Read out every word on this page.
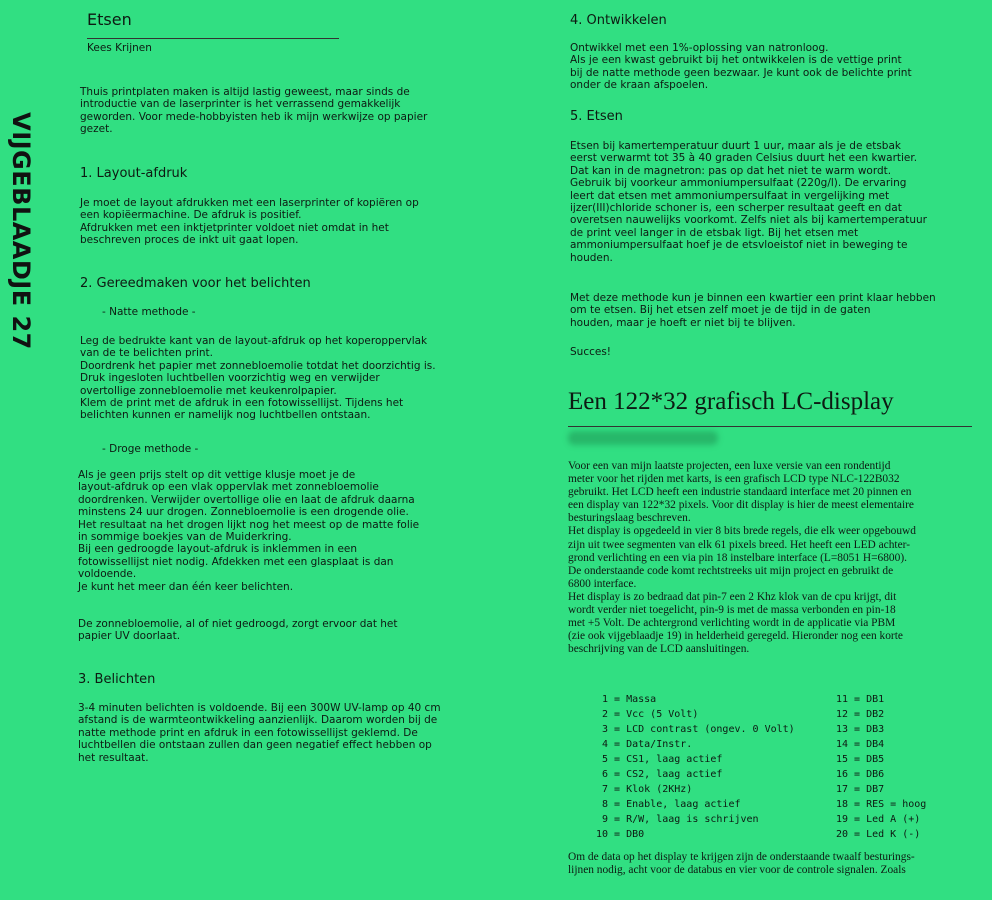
VIJGEBLAADJE 27
Etsen
Kees Krijnen

Thuis printplaten maken is altijd lastig geweest, maar sinds de
introductie van de laserprinter is het verrassend gemakkelijk
geworden. Voor mede-hobbyisten heb ik mijn werkwijze op papier
gezet.

1. Layout-afdruk

Je moet de layout afdrukken met een laserprinter of kopiëren op
een kopiëermachine. De afdruk is positief.
Afdrukken met een inktjetprinter voldoet niet omdat in het
beschreven proces de inkt uit gaat lopen.

2. Gereedmaken voor het belichten
- Natte methode -

Leg de bedrukte kant van de layout-afdruk op het koperoppervlak
van de te belichten print.
Doordrenk het papier met zonnebloemolie totdat het doorzichtig is.
Druk ingesloten luchtbellen voorzichtig weg en verwijder
overtollige zonnebloemolie met keukenrolpapier.
Klem de print met de afdruk in een fotowissellijst. Tijdens het
belichten kunnen er namelijk nog luchtbellen ontstaan.

- Droge methode -

Als je geen prijs stelt op dit vettige klusje moet je de
layout-afdruk op een vlak oppervlak met zonnebloemolie
doordrenken. Verwijder overtollige olie en laat de afdruk daarna
minstens 24 uur drogen. Zonnebloemolie is een drogende olie.
Het resultaat na het drogen lijkt nog het meest op de matte folie
in sommige boekjes van de Muiderkring.
Bij een gedroogde layout-afdruk is inklemmen in een
fotowissellijst niet nodig. Afdekken met een glasplaat is dan
voldoende.
Je kunt het meer dan één keer belichten.

De zonnebloemolie, al of niet gedroogd, zorgt ervoor dat het
papier UV doorlaat.

3. Belichten

3-4 minuten belichten is voldoende. Bij een 300W UV-lamp op 40 cm
afstand is de warmteontwikkeling aanzienlijk. Daarom worden bij de
natte methode print en afdruk in een fotowissellijst geklemd. De
luchtbellen die ontstaan zullen dan geen negatief effect hebben op
het resultaat.

4. Ontwikkelen

Ontwikkel met een 1%-oplossing van natronloog.
Als je een kwast gebruikt bij het ontwikkelen is de vettige print
bij de natte methode geen bezwaar. Je kunt ook de belichte print
onder de kraan afspoelen.

5. Etsen

Etsen bij kamertemperatuur duurt 1 uur, maar als je de etsbak
eerst verwarmt tot 35 à 40 graden Celsius duurt het een kwartier.
Dat kan in de magnetron: pas op dat het niet te warm wordt.
Gebruik bij voorkeur ammoniumpersulfaat (220g/l). De ervaring
leert dat etsen met ammoniumpersulfaat in vergelijking met
ijzer(III)chloride schoner is, een scherper resultaat geeft en dat
overetsen nauwelijks voorkomt. Zelfs niet als bij kamertemperatuur
de print veel langer in de etsbak ligt. Bij het etsen met
ammoniumpersulfaat hoef je de etsvloeistof niet in beweging te
houden.

Met deze methode kun je binnen een kwartier een print klaar hebben
om te etsen. Bij het etsen zelf moet je de tijd in de gaten
houden, maar je hoeft er niet bij te blijven.

Succes!

Een 122*32 grafisch LC-display

Voor een van mijn laatste projecten, een luxe versie van een rondentijd
meter voor het rijden met karts, is een grafisch LCD type NLC-122B032
gebruikt. Het LCD heeft een industrie standaard interface met 20 pinnen en
een display van 122*32 pixels. Voor dit display is hier de meest elementaire
besturingslaag beschreven.
Het display is opgedeeld in vier 8 bits brede regels, die elk weer opgebouwd
zijn uit twee segmenten van elk 61 pixels breed. Het heeft een LED achter-
grond verlichting en een via pin 18 instelbare interface (L=8051 H=6800).
De onderstaande code komt rechtstreeks uit mijn project en gebruikt de
6800 interface.
Het display is zo bedraad dat pin-7 een 2 Khz klok van de cpu krijgt, dit
wordt verder niet toegelicht, pin-9 is met de massa verbonden en pin-18
met +5 Volt. De achtergrond verlichting wordt in de applicatie via PBM
(zie ook vijgeblaadje 19) in helderheid geregeld. Hieronder nog een korte
beschrijving van de LCD aansluitingen.

1 = Massa	11 = DB1
2 = Vcc (5 Volt)	12 = DB2
3 = LCD contrast (ongev. 0 Volt)	13 = DB3
4 = Data/Instr.	14 = DB4
5 = CS1, laag actief	15 = DB5
6 = CS2, laag actief	16 = DB6
7 = Klok (2KHz)	17 = DB7
8 = Enable, laag actief	18 = RES = hoog
9 = R/W, laag is schrijven	19 = Led A (+)
10 = DB0	20 = Led K (-)

Om de data op het display te krijgen zijn de onderstaande twaalf besturings-
lijnen nodig, acht voor de databus en vier voor de controle signalen. Zoals
